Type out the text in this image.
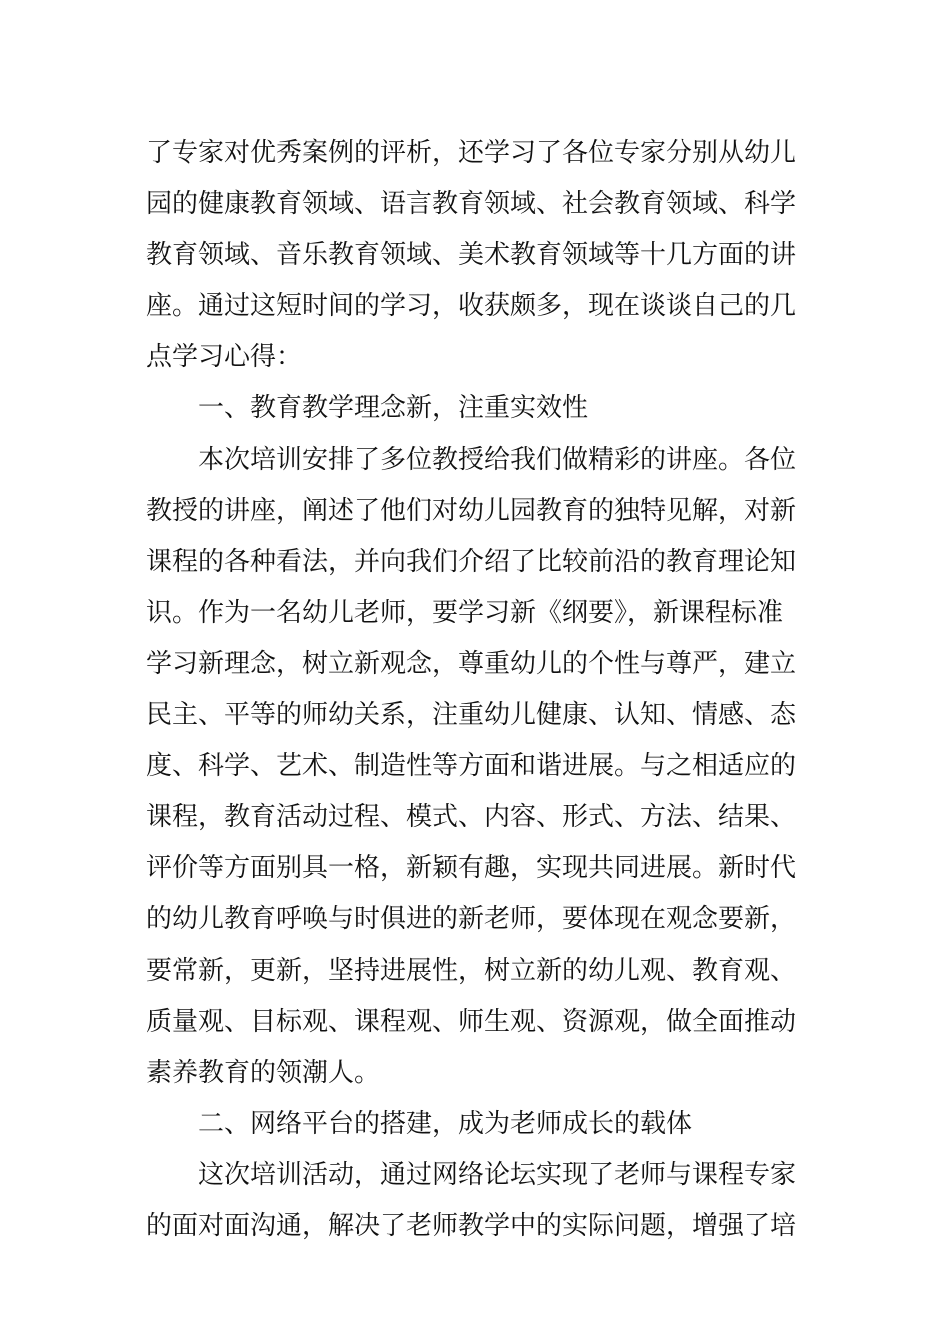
了专家对优秀案例的评析，还学习了各位专家分别从幼儿
园的健康教育领域、语言教育领域、社会教育领域、科学
教育领域、音乐教育领域、美术教育领域等十几方面的讲
座。通过这短时间的学习，收获颇多，现在谈谈自己的几
点学习心得：
一、教育教学理念新，注重实效性
本次培训安排了多位教授给我们做精彩的讲座。各位
教授的讲座，阐述了他们对幼儿园教育的独特见解，对新
课程的各种看法，并向我们介绍了比较前沿的教育理论知
识。作为一名幼儿老师，要学习新《纲要》，新课程标准
学习新理念，树立新观念，尊重幼儿的个性与尊严，建立
民主、平等的师幼关系，注重幼儿健康、认知、情感、态
度、科学、艺术、制造性等方面和谐进展。与之相适应的
课程，教育活动过程、模式、内容、形式、方法、结果、
评价等方面别具一格，新颖有趣，实现共同进展。新时代
的幼儿教育呼唤与时俱进的新老师，要体现在观念要新，
要常新，更新，坚持进展性，树立新的幼儿观、教育观、
质量观、目标观、课程观、师生观、资源观，做全面推动
素养教育的领潮人。
二、网络平台的搭建，成为老师成长的载体
这次培训活动，通过网络论坛实现了老师与课程专家
的面对面沟通，解决了老师教学中的实际问题，增强了培
